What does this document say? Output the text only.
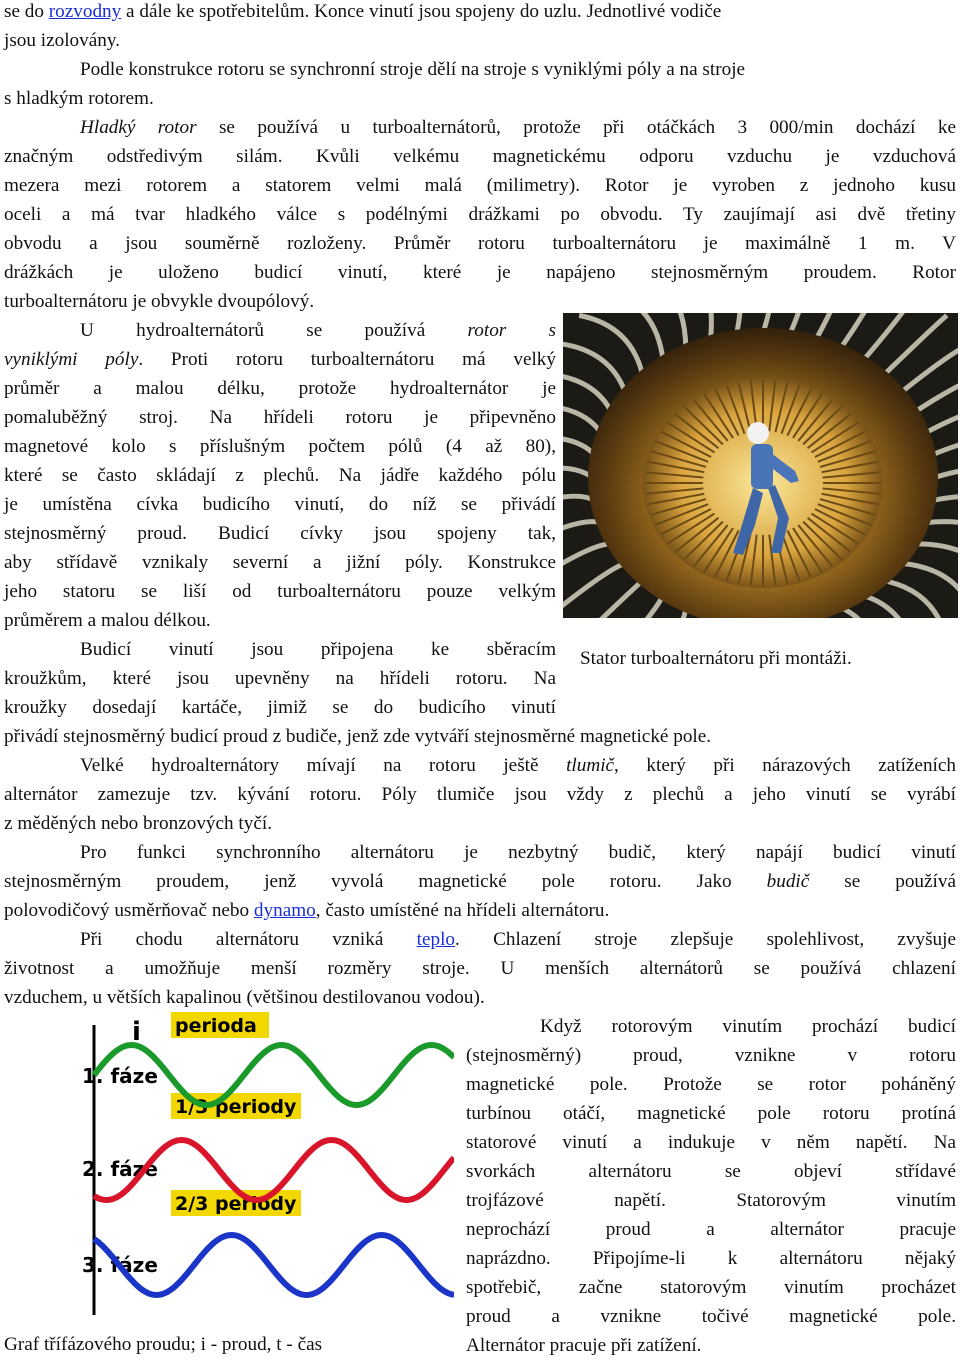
se do rozvodny a dále ke spotřebitelům. Konce vinutí jsou spojeny do uzlu. Jednotlivé vodiče
jsou izolovány.
Podle konstrukce rotoru se synchronní stroje dělí na stroje s vyniklými póly a na stroje
s hladkým rotorem.
Hladký rotor se používá u turboalternátorů, protože při otáčkách 3 000/min dochází ke
značným odstředivým silám. Kvůli velkému magnetickému odporu vzduchu je vzduchová
mezera mezi rotorem a statorem velmi malá (milimetry). Rotor je vyroben z jednoho kusu
oceli a má tvar hladkého válce s podélnými drážkami po obvodu. Ty zaujímají asi dvě třetiny
obvodu a jsou souměrně rozloženy. Průměr rotoru turboalternátoru je maximálně 1 m. V
drážkách je uloženo budicí vinutí, které je napájeno stejnosměrným proudem. Rotor
turboalternátoru je obvykle dvoupólový.
U hydroalternátorů se používá rotor s
vyniklými póly. Proti rotoru turboalternátoru má velký
průměr a malou délku, protože hydroalternátor je
pomaluběžný stroj. Na hřídeli rotoru je připevněno
magnetové kolo s příslušným počtem pólů (4 až 80),
které se často skládají z plechů. Na jádře každého pólu
je umístěna cívka budicího vinutí, do níž se přivádí
stejnosměrný proud. Budicí cívky jsou spojeny tak,
aby střídavě vznikaly severní a jižní póly. Konstrukce
jeho statoru se liší od turboalternátoru pouze velkým
průměrem a malou délkou.
Budicí vinutí jsou připojena ke sběracím
kroužkům, které jsou upevněny na hřídeli rotoru. Na
kroužky dosedají kartáče, jimiž se do budicího vinutí
přivádí stejnosměrný budicí proud z budiče, jenž zde vytváří stejnosměrné magnetické pole.
Velké hydroalternátory mívají na rotoru ještě tlumič, který při nárazových zatíženích
alternátor zamezuje tzv. kývání rotoru. Póly tlumiče jsou vždy z plechů a jeho vinutí se vyrábí
z měděných nebo bronzových tyčí.
Pro funkci synchronního alternátoru je nezbytný budič, který napájí budicí vinutí
stejnosměrným proudem, jenž vyvolá magnetické pole rotoru. Jako budič se používá
polovodičový usměrňovač nebo dynamo, často umístěné na hřídeli alternátoru.
Při chodu alternátoru vzniká teplo. Chlazení stroje zlepšuje spolehlivost, zvyšuje
životnost a umožňuje menší rozměry stroje. U menších alternátorů se používá chlazení
vzduchem, u větších kapalinou (většinou destilovanou vodou).
Když rotorovým vinutím prochází budicí
(stejnosměrný) proud, vznikne v rotoru
magnetické pole. Protože se rotor poháněný
turbínou otáčí, magnetické pole rotoru protíná
statorové vinutí a indukuje v něm napětí. Na
svorkách alternátoru se objeví střídavé
trojfázové napětí. Statorovým vinutím
neprochází proud a alternátor pracuje
naprázdno. Připojíme-li k alternátoru nějaký
spotřebič, začne statorovým vinutím procházet
proud a vznikne točivé magnetické pole.
Alternátor pracuje při zatížení.
Stator turboalternátoru při montáži.
i perioda
1/3 periody
2/3 periody
1. fáze
2. fáze
3. fáze
Graf třífázového proudu; i - proud, t - čas
